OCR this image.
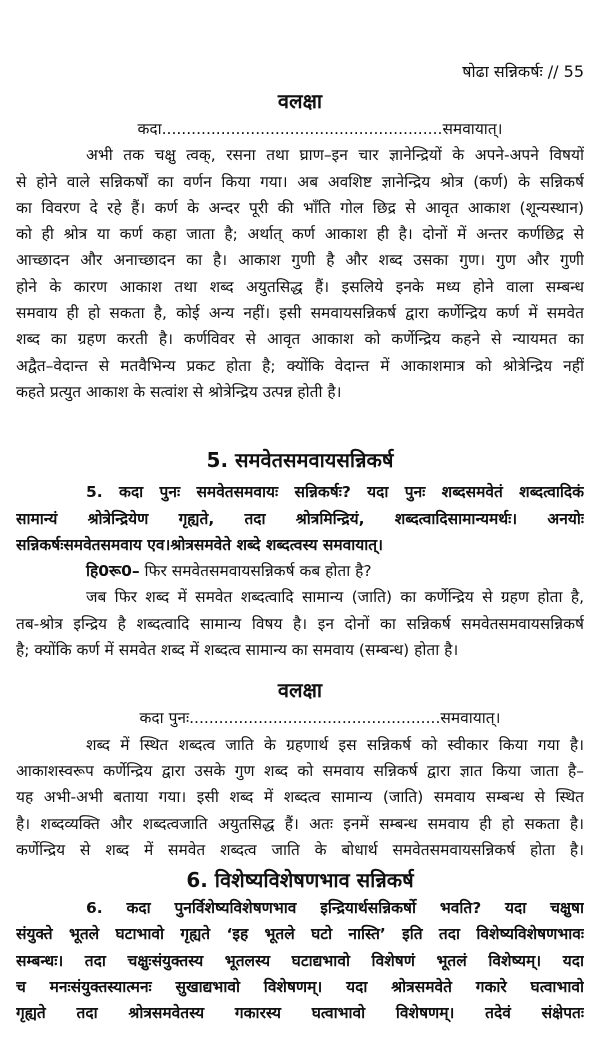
षोढा सन्निकर्षः // 55
वलक्षा
कदा.........................................................समवायात्।
अभी तक चक्षु त्वक्, रसना तथा घ्राण–इन चार ज्ञानेन्द्रियों के अपने-अपने विषयों
से होने वाले सन्निकर्षों का वर्णन किया गया। अब अवशिष्ट ज्ञानेन्द्रिय श्रोत्र (कर्ण) के सन्निकर्ष
का विवरण दे रहे हैं। कर्ण के अन्दर पूरी की भाँति गोल छिद्र से आवृत आकाश (शून्यस्थान)
को ही श्रोत्र या कर्ण कहा जाता है; अर्थात् कर्ण आकाश ही है। दोनों में अन्तर कर्णछिद्र से
आच्छादन और अनाच्छादन का है। आकाश गुणी है और शब्द उसका गुण। गुण और गुणी
होने के कारण आकाश तथा शब्द अयुतसिद्ध हैं। इसलिये इनके मध्य होने वाला सम्बन्ध
समवाय ही हो सकता है, कोई अन्य नहीं। इसी समवायसन्निकर्ष द्वारा कर्णेन्द्रिय कर्ण में समवेत
शब्द का ग्रहण करती है। कर्णविवर से आवृत आकाश को कर्णेन्द्रिय कहने से न्यायमत का
अद्वैत–वेदान्त से मतवैभिन्य प्रकट होता है; क्योंकि वेदान्त में आकाशमात्र को श्रोत्रेन्द्रिय नहीं
कहते प्रत्युत आकाश के सत्वांश से श्रोत्रेन्द्रिय उत्पन्न होती है।
5. समवेतसमवायसन्निकर्ष
5. कदा पुनः समवेतसमवायः सन्निकर्षः? यदा पुनः शब्दसमवेतं शब्दत्वादिकं
सामान्यं श्रोत्रेन्द्रियेण गृह्यते, तदा श्रोत्रमिन्द्रियं, शब्दत्वादिसामान्यमर्थः। अनयोः
सन्निकर्षःसमवेतसमवाय एव।श्रोत्रसमवेते शब्दे शब्दत्वस्य समवायात्।
हि0रू0– फिर समवेतसमवायसन्निकर्ष कब होता है?
जब फिर शब्द में समवेत शब्दत्वादि सामान्य (जाति) का कर्णेन्द्रिय से ग्रहण होता है,
तब-श्रोत्र इन्द्रिय है शब्दत्वादि सामान्य विषय है। इन दोनों का सन्निकर्ष समवेतसमवायसन्निकर्ष
है; क्योंकि कर्ण में समवेत शब्द में शब्दत्व सामान्य का समवाय (सम्बन्ध) होता है।
वलक्षा
कदा पुनः...................................................समवायात्।
शब्द में स्थित शब्दत्व जाति के ग्रहणार्थ इस सन्निकर्ष को स्वीकार किया गया है।
आकाशस्वरूप कर्णेन्द्रिय द्वारा उसके गुण शब्द को समवाय सन्निकर्ष द्वारा ज्ञात किया जाता है–
यह अभी-अभी बताया गया। इसी शब्द में शब्दत्व सामान्य (जाति) समवाय सम्बन्ध से स्थित
है। शब्दव्यक्ति और शब्दत्वजाति अयुतसिद्ध हैं। अतः इनमें सम्बन्ध समवाय ही हो सकता है।
कर्णेन्द्रिय से शब्द में समवेत शब्दत्व जाति के बोधार्थ समवेतसमवायसन्निकर्ष होता है।
6. विशेष्यविशेषणभाव सन्निकर्ष
6. कदा पुनर्विशेष्यविशेषणभाव इन्द्रियार्थसन्निकर्षो भवति? यदा चक्षुषा
संयुक्ते भूतले घटाभावो गृह्यते ‘इह भूतले घटो नास्ति’ इति तदा विशेष्यविशेषणभावः
सम्बन्धः। तदा चक्षुःसंयुक्तस्य भूतलस्य घटाद्यभावो विशेषणं भूतलं विशेष्यम्। यदा
च मनःसंयुक्तस्यात्मनः सुखाद्यभावो विशेषणम्। यदा श्रोत्रसमवेते गकारे घत्वाभावो
गृह्यते तदा श्रोत्रसमवेतस्य गकारस्य घत्वाभावो विशेषणम्। तदेवं संक्षेपतः
